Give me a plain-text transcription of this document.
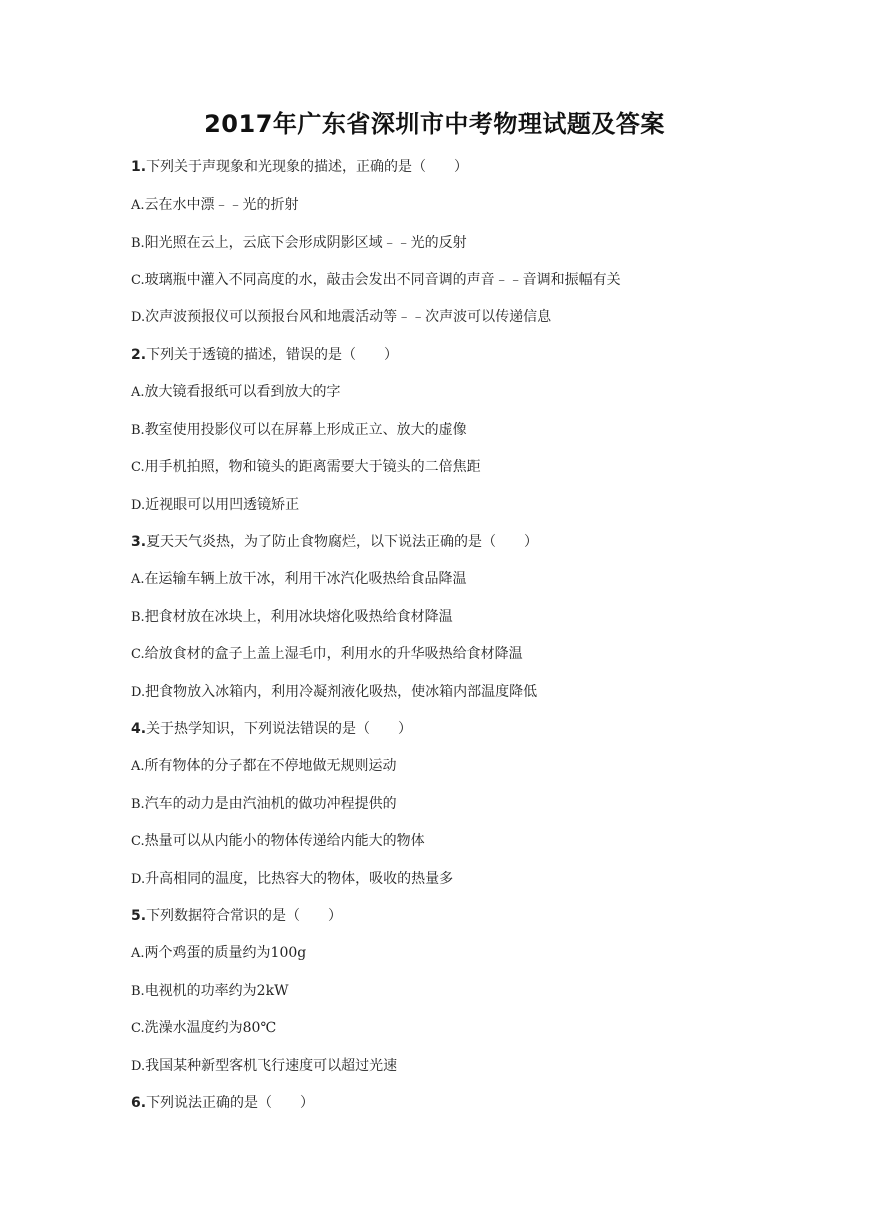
2017年广东省深圳市中考物理试题及答案
1.下列关于声现象和光现象的描述，正确的是（　　）
A.云在水中漂﹣﹣光的折射
B.阳光照在云上，云底下会形成阴影区域﹣﹣光的反射
C.玻璃瓶中灌入不同高度的水，敲击会发出不同音调的声音﹣﹣音调和振幅有关
D.次声波预报仪可以预报台风和地震活动等﹣﹣次声波可以传递信息
2.下列关于透镜的描述，错误的是（　　）
A.放大镜看报纸可以看到放大的字
B.教室使用投影仪可以在屏幕上形成正立、放大的虚像
C.用手机拍照，物和镜头的距离需要大于镜头的二倍焦距
D.近视眼可以用凹透镜矫正
3.夏天天气炎热，为了防止食物腐烂，以下说法正确的是（　　）
A.在运输车辆上放干冰，利用干冰汽化吸热给食品降温
B.把食材放在冰块上，利用冰块熔化吸热给食材降温
C.给放食材的盒子上盖上湿毛巾，利用水的升华吸热给食材降温
D.把食物放入冰箱内，利用冷凝剂液化吸热，使冰箱内部温度降低
4.关于热学知识，下列说法错误的是（　　）
A.所有物体的分子都在不停地做无规则运动
B.汽车的动力是由汽油机的做功冲程提供的
C.热量可以从内能小的物体传递给内能大的物体
D.升高相同的温度，比热容大的物体，吸收的热量多
5.下列数据符合常识的是（　　）
A.两个鸡蛋的质量约为100g
B.电视机的功率约为2kW
C.洗澡水温度约为80℃
D.我国某种新型客机飞行速度可以超过光速
6.下列说法正确的是（　　）
